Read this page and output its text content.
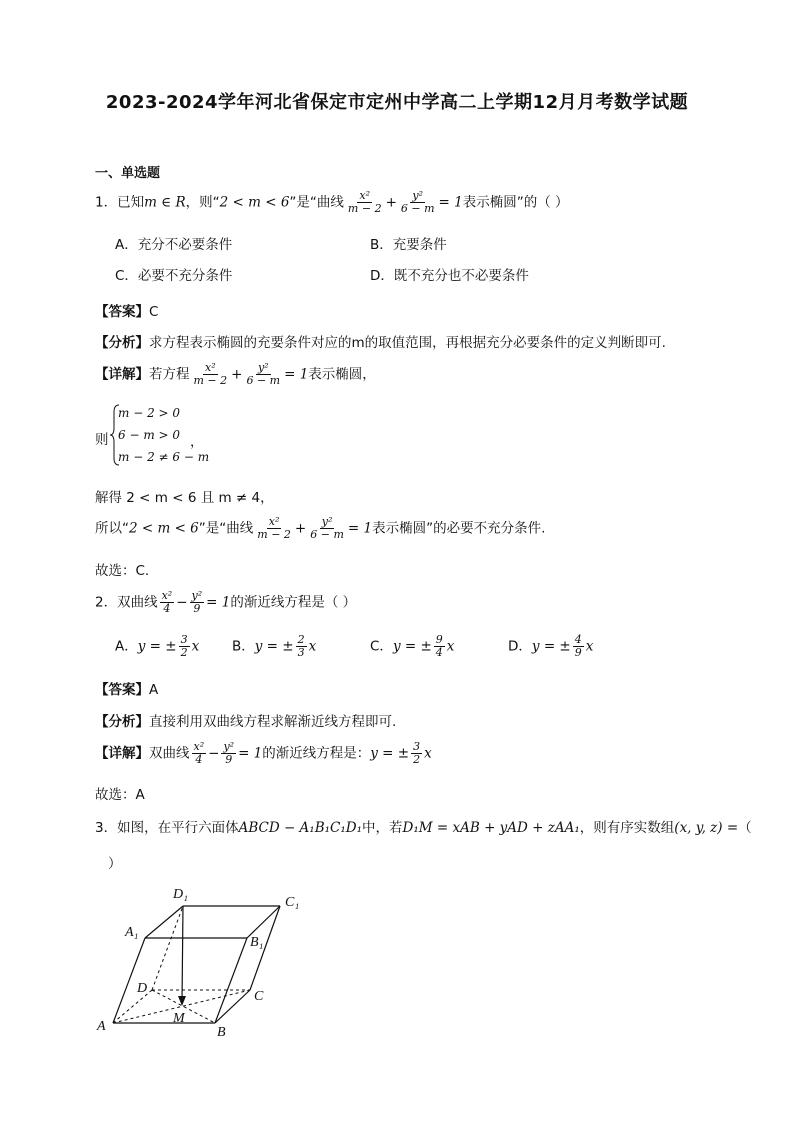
2023-2024学年河北省保定市定州中学高二上学期12月月考数学试题
一、单选题
1．已知m ∈ R，则“2 < m < 6”是“曲线 $\frac{\text{x²}}{m - 2} + \frac{\text{y²}}{6 - m} = 1$表示椭圆”的（ ）
A．充分不必要条件	B．充要条件
C．必要不充分条件	D．既不充分也不必要条件
【答案】C
【分析】求方程表示椭圆的充要条件对应的m的取值范围，再根据充分必要条件的定义判断即可.
【详解】若方程 $\frac{\text{x²}}{m - 2} + \frac{\text{y²}}{6 - m} = 1$表示椭圆，
则
m − 2 > 0
6 − m > 0
m − 2 ≠ 6 − m
，
解得 2 < m < 6 且 m ≠ 4，
所以“2 < m < 6”是“曲线 $\frac{\text{x²}}{m - 2} + \frac{\text{y²}}{6 - m} = 1$表示椭圆”的必要不充分条件.
故选：C.
2．双曲线 $\frac{\text{x²}}{4} - \frac{\text{y²}}{9} = 1$的渐近线方程是（ ）
A．y = ± $\frac{3}{2}$ x B．y = ± $\frac{2}{3}$ x	C．y = ± $\frac{9}{4}$ x	D．y = ± $\frac{4}{9}$ x
【答案】A
【分析】直接利用双曲线方程求解渐近线方程即可.
【详解】双曲线 $\frac{\text{x²}}{4} - \frac{\text{y²}}{9} = 1$的渐近线方程是：y = ± $\frac{3}{2}$ x
故选：A
3．如图，在平行六面体ABCD − A₁B₁C₁D₁中，若D₁M = xAB + yAD + zAA₁，则有序实数组(x, y, z) =（
）
D₁
C₁
A₁
B₁
D
C
A	B
M
